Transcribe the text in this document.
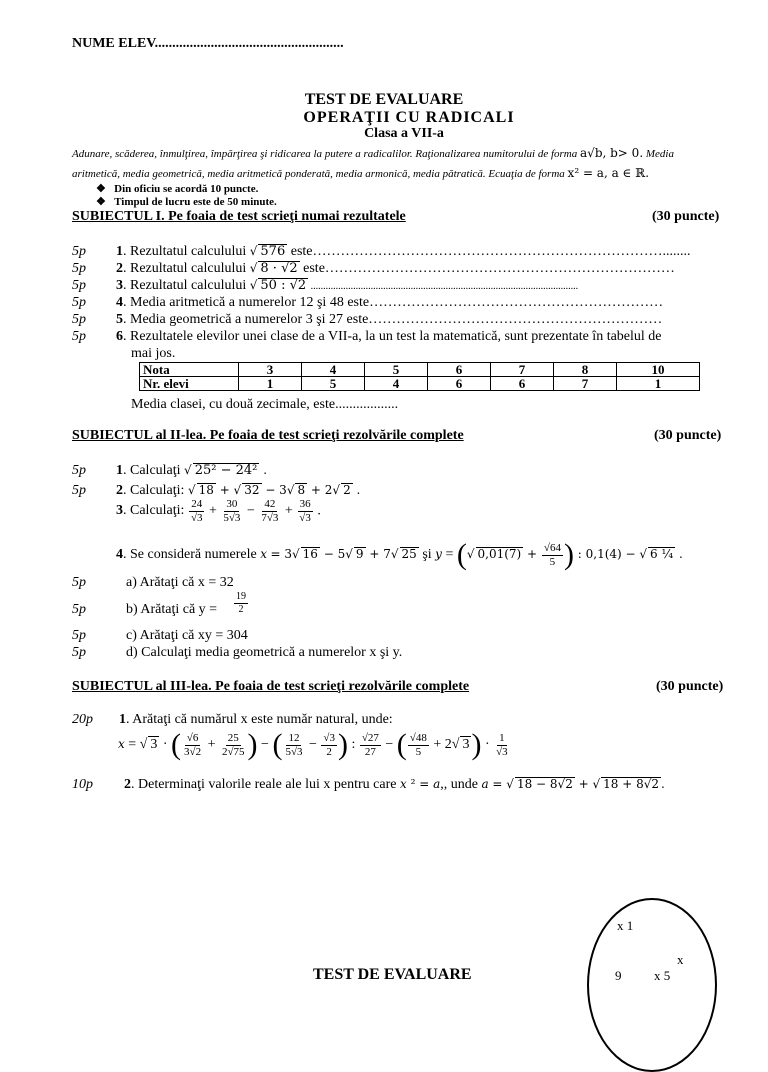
NUME ELEV......................................................
TEST DE EVALUARE
OPERAŢII CU RADICALI
Clasa a VII-a
Adunare, scăderea, înmulţirea, împărţirea şi ridicarea la putere a radicalilor. Raţionalizarea numitorului de forma a√b, b> 0. Media
aritmetică, media geometrică, media aritmetică ponderată, media armonică, media pătratică. Ecuaţia de forma x² = a, a ∈ ℝ.
❖ Din oficiu se acordă 10 puncte.
❖ Timpul de lucru este de 50 minute.
SUBIECTUL I. Pe foaia de test scrieţi numai rezultatele	(30 puncte)
5p 1. Rezultatul calculului √ 576 este…………………………………………………………………........
5p 2. Rezultatul calculului √ 8 · √2 este…………………………………………………………………
5p 3. Rezultatul calculului √ 50 : √2 ...........................................................................................................
5p 4. Media aritmetică a numerelor 12 şi 48 este………………………………………………………
5p 5. Media geometrică a numerelor 3 şi 27 este………………………………………………………
5p 6. Rezultatele elevilor unei clase de a VII-a, la un test la matematică, sunt prezentate în tabelul de
mai jos.
Nota	3	4	5	6	7	8	10
Nr. elevi	1	5	4	6	6	7	1
Media clasei, cu două zecimale, este..................
SUBIECTUL al II-lea. Pe foaia de test scrieţi rezolvările complete	(30 puncte)
5p 1. Calculaţi √ 25² − 24² .
5p 2. Calculaţi: √ 18 + √ 32 − 3√ 8 + 2√ 2 .
3. Calculaţi: $\frac{24}{√3} + \frac{30}{5√3} - \frac{42}{7√3} + \frac{36}{√3}$ .
4. Se consideră numerele x = 3√ 16 − 5√ 9 + 7√ 25 şi y = (√ $0,01(7) + \frac{√64}{5}$ ) : 0,1(4) − √ 6 ¼ .
5p	a) Arătaţi că x = 32
5p	b) Arătaţi că $y = \frac{19}{2}$
5p	c) Arătaţi că xy = 304
5p	d) Calculaţi media geometrică a numerelor x şi y.
SUBIECTUL al III-lea. Pe foaia de test scrieţi rezolvările complete	(30 puncte)
20p 1. Arătaţi că numărul x este număr natural, unde:
x = √ 3 · ( $\frac{√6}{3√2} + \frac{25}{2√75}$ ) − ( $\frac{12}{5√3} - \frac{√3}{2}$ ) : $\frac{√27}{27}$ − ( $\frac{√48}{5} + 2√$ $3) \cdot \frac{1}{√3}$
10p 2. Determinaţi valorile reale ale lui x pentru care x ² = a,, unde a = √ 18 − 8√2 + √ 18 + 8√2 .
TEST DE EVALUARE
x 1
x
9	x 5
